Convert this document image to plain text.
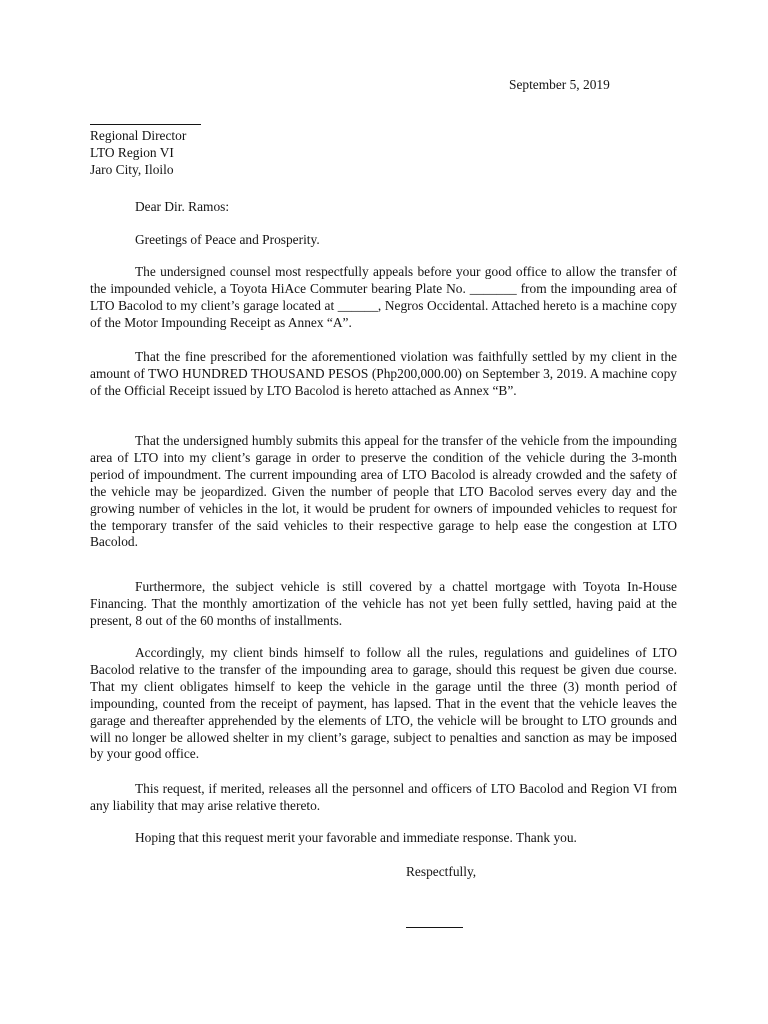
September 5, 2019
Regional Director
LTO Region VI
Jaro City, Iloilo

Dear Dir. Ramos:

Greetings of Peace and Prosperity.

The undersigned counsel most respectfully appeals before your good office to allow the transfer of the impounded vehicle, a Toyota HiAce Commuter bearing Plate No. _______ from the impounding area of LTO Bacolod to my client’s garage located at ______, Negros Occidental. Attached hereto is a machine copy of the Motor Impounding Receipt as Annex “A”.

That the fine prescribed for the aforementioned violation was faithfully settled by my client in the amount of TWO HUNDRED THOUSAND PESOS (Php200,000.00) on September 3, 2019. A machine copy of the Official Receipt issued by LTO Bacolod is hereto attached as Annex “B”.

That the undersigned humbly submits this appeal for the transfer of the vehicle from the impounding area of LTO into my client’s garage in order to preserve the condition of the vehicle during the 3-month period of impoundment. The current impounding area of LTO Bacolod is already crowded and the safety of the vehicle may be jeopardized. Given the number of people that LTO Bacolod serves every day and the growing number of vehicles in the lot, it would be prudent for owners of impounded vehicles to request for the temporary transfer of the said vehicles to their respective garage to help ease the congestion at LTO Bacolod.

Furthermore, the subject vehicle is still covered by a chattel mortgage with Toyota In-House Financing. That the monthly amortization of the vehicle has not yet been fully settled, having paid at the present, 8 out of the 60 months of installments.

Accordingly, my client binds himself to follow all the rules, regulations and guidelines of LTO Bacolod relative to the transfer of the impounding area to garage, should this request be given due course. That my client obligates himself to keep the vehicle in the garage until the three (3) month period of impounding, counted from the receipt of payment, has lapsed. That in the event that the vehicle leaves the garage and thereafter apprehended by the elements of LTO, the vehicle will be brought to LTO grounds and will no longer be allowed shelter in my client’s garage, subject to penalties and sanction as may be imposed by your good office.

This request, if merited, releases all the personnel and officers of LTO Bacolod and Region VI from any liability that may arise relative thereto.

Hoping that this request merit your favorable and immediate response. Thank you.

Respectfully,
